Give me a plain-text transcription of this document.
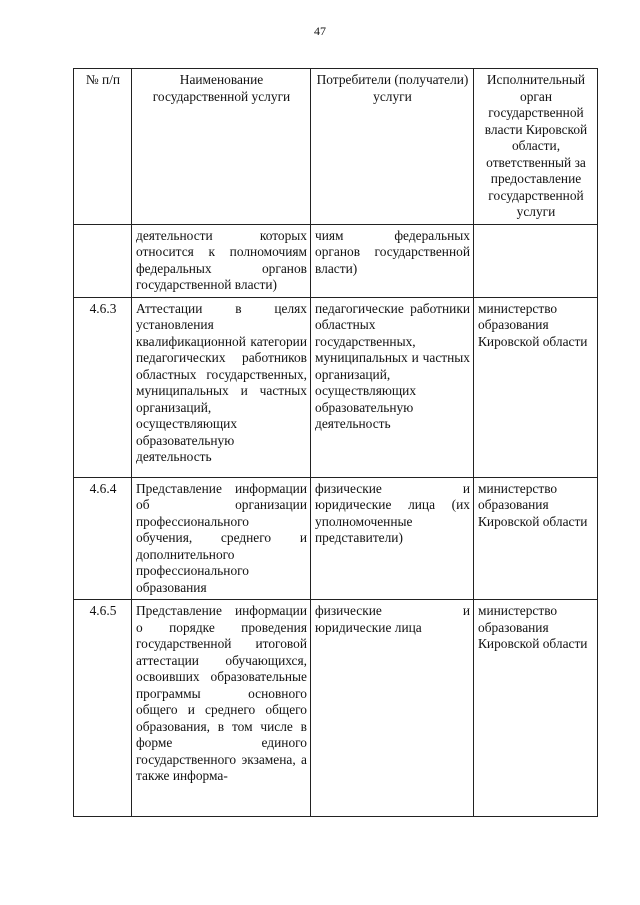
47
№ п/п	Наименование государственной услуги	Потребители (получатели) услуги	Исполнительный орган государственной власти Кировской области, ответственный за предоставление государственной услуги
	деятельности которых относится к полномочиям федеральных органов государственной власти)	чиям федеральных органов государственной власти)	
4.6.3	Аттестации в целях установления квалификационной категории педагогических работников областных государственных, муниципальных и частных организаций, осуществляющих образовательную деятельность	педагогические работники областных государственных, муниципальных и частных организаций, осуществляющих образовательную деятельность	министерство образования Кировской области
4.6.4	Представление информации об организации профессионального обучения, среднего и дополнительного профессионального образования	физические и юридические лица (их уполномоченные представители)	министерство образования Кировской области
4.6.5	Представление информации о порядке проведения государственной итоговой аттестации обучающихся, освоивших образовательные программы основного общего и среднего общего образования, в том числе в форме единого государственного экзамена, а также информа-	физические и юридические лица	министерство образования Кировской области
